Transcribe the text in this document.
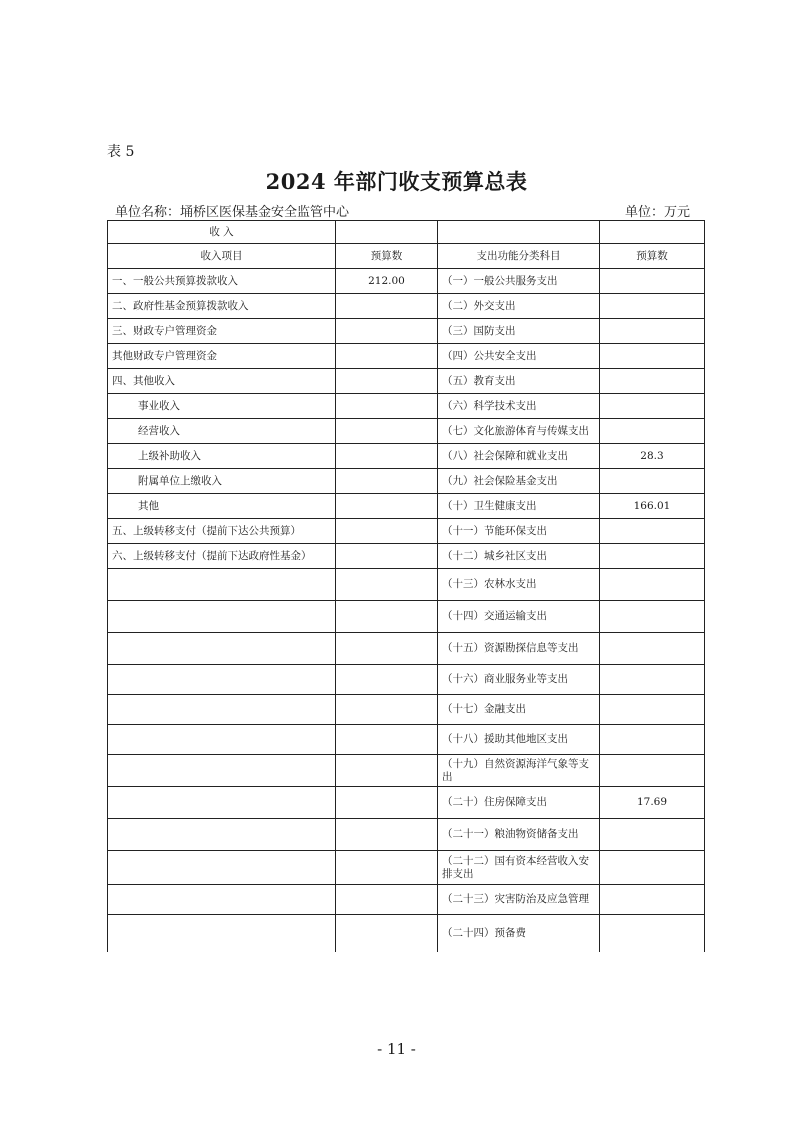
表 5
2024 年部门收支预算总表
单位名称：埇桥区医保基金安全监管中心	单位：万元
收 入			
收入项目	预算数	支出功能分类科目	预算数
一、一般公共预算拨款收入	212.00	（一）一般公共服务支出	
二、政府性基金预算拨款收入		（二）外交支出	
三、财政专户管理资金		（三）国防支出	
其他财政专户管理资金		（四）公共安全支出	
四、其他收入		（五）教育支出	
事业收入		（六）科学技术支出	
经营收入		（七）文化旅游体育与传媒支出	
上级补助收入		（八）社会保障和就业支出	28.3
附属单位上缴收入		（九）社会保险基金支出	
其他		（十）卫生健康支出	166.01
五、上级转移支付（提前下达公共预算）		（十一）节能环保支出	
六、上级转移支付（提前下达政府性基金）		（十二）城乡社区支出	
		（十三）农林水支出	
		（十四）交通运输支出	
		（十五）资源勘探信息等支出	
		（十六）商业服务业等支出	
		（十七）金融支出	
		（十八）援助其他地区支出	
		（十九）自然资源海洋气象等支出	
		（二十）住房保障支出	17.69
		（二十一）粮油物资储备支出	
		（二十二）国有资本经营收入安排支出	
		（二十三）灾害防治及应急管理	
		（二十四）预备费	
- 11 -
